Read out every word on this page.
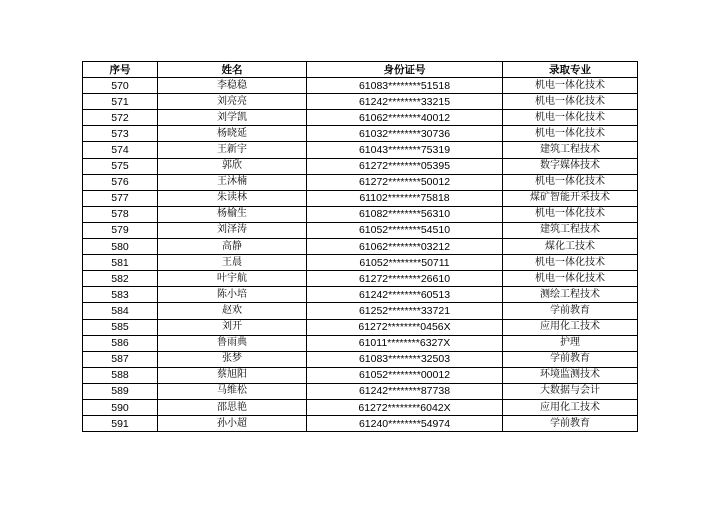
序号	姓名	身份证号	录取专业
570	李稳稳	61083********51518	机电一体化技术
571	刘亮亮	61242********33215	机电一体化技术
572	刘学凯	61062********40012	机电一体化技术
573	杨晓延	61032********30736	机电一体化技术
574	王新宇	61043********75319	建筑工程技术
575	郭欣	61272********05395	数字媒体技术
576	王沐楠	61272********50012	机电一体化技术
577	朱读林	61102********75818	煤矿智能开采技术
578	杨榆生	61082********56310	机电一体化技术
579	刘泽涛	61052********54510	建筑工程技术
580	高静	61062********03212	煤化工技术
581	王晨	61052********50711	机电一体化技术
582	叶宇航	61272********26610	机电一体化技术
583	陈小培	61242********60513	测绘工程技术
584	赵欢	61252********33721	学前教育
585	刘开	61272********0456X	应用化工技术
586	鲁雨典	61011********6327X	护理
587	张梦	61083********32503	学前教育
588	蔡旭阳	61052********00012	环境监测技术
589	马维松	61242********87738	大数据与会计
590	邵思艳	61272********6042X	应用化工技术
591	孙小超	61240********54974	学前教育
